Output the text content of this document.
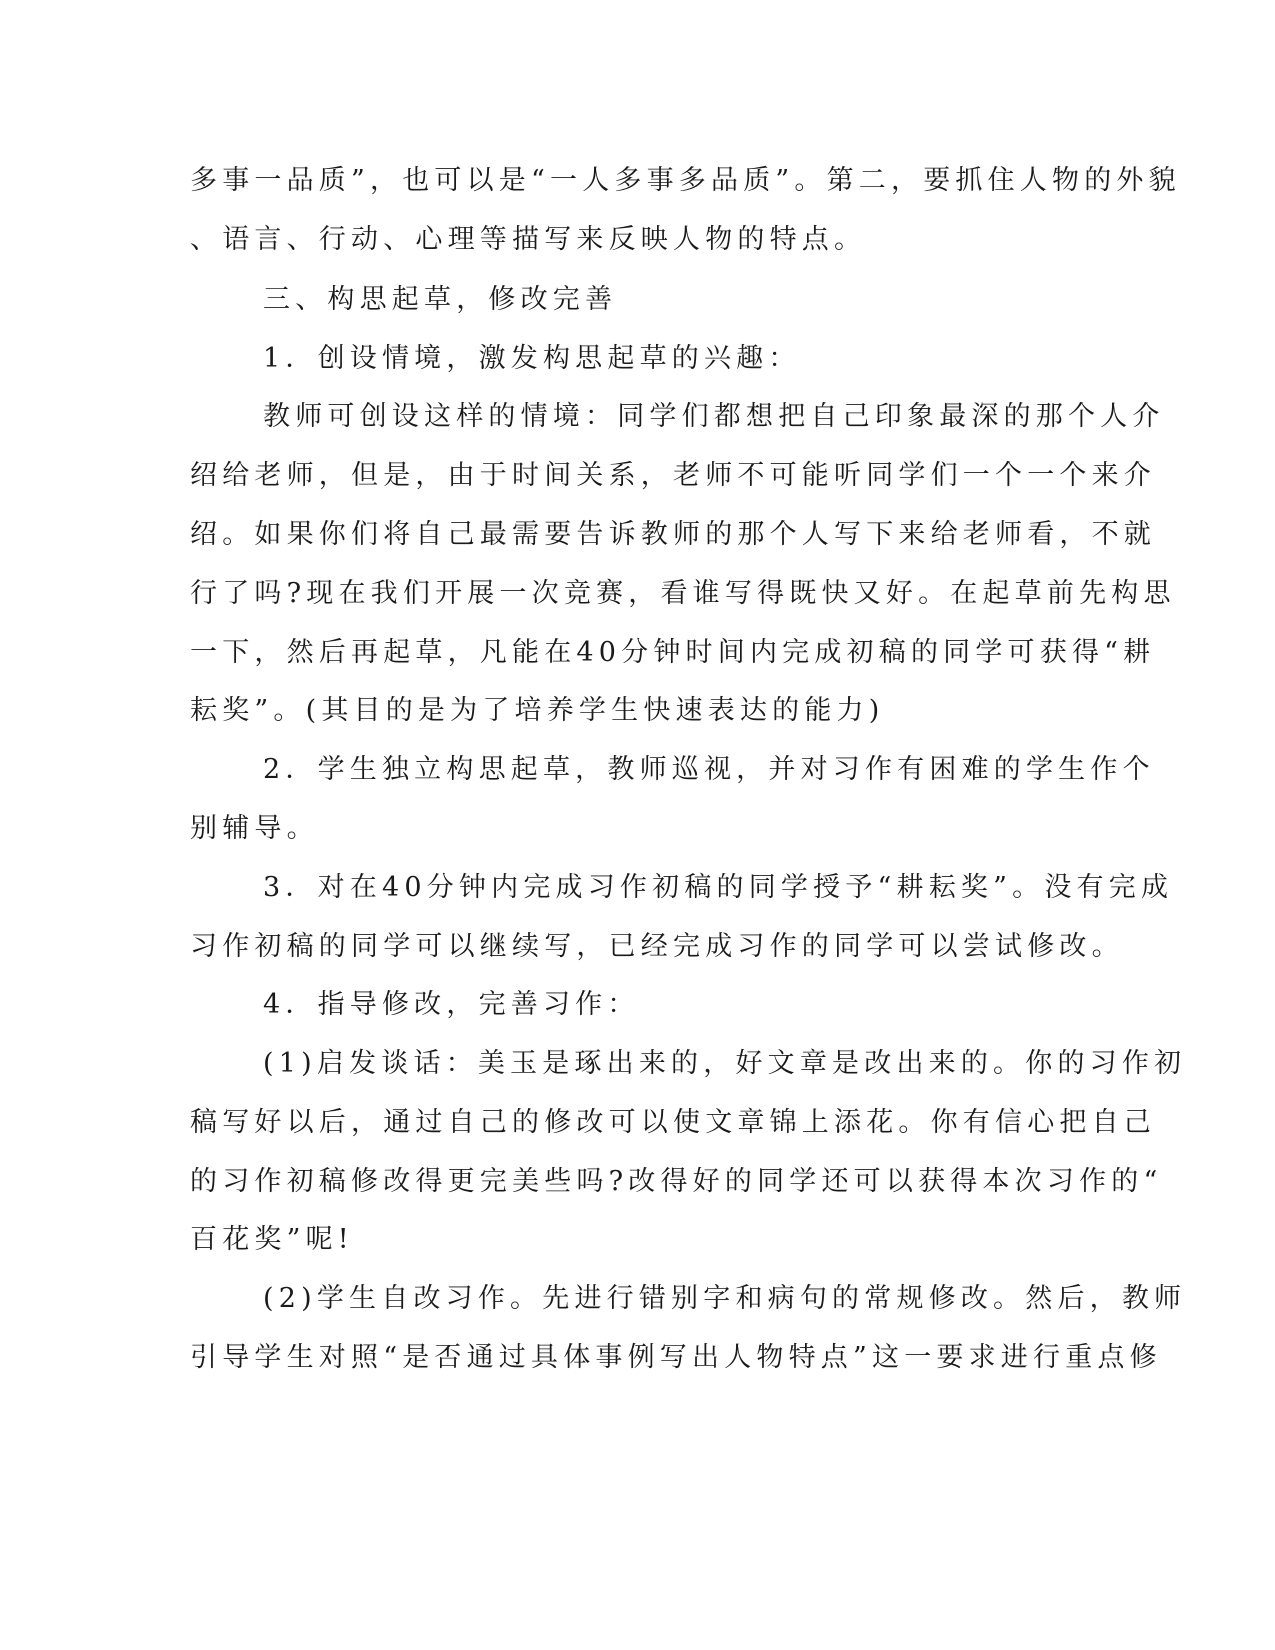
多事一品质”，也可以是“一人多事多品质”。第二，要抓住人物的外貌
、语言、行动、心理等描写来反映人物的特点。
三、构思起草，修改完善
1．创设情境，激发构思起草的兴趣：
教师可创设这样的情境：同学们都想把自己印象最深的那个人介
绍给老师，但是，由于时间关系，老师不可能听同学们一个一个来介
绍。如果你们将自己最需要告诉教师的那个人写下来给老师看，不就
行了吗?现在我们开展一次竞赛，看谁写得既快又好。在起草前先构思
一下，然后再起草，凡能在40分钟时间内完成初稿的同学可获得“耕
耘奖”。(其目的是为了培养学生快速表达的能力)
2．学生独立构思起草，教师巡视，并对习作有困难的学生作个
别辅导。
3．对在40分钟内完成习作初稿的同学授予“耕耘奖”。没有完成
习作初稿的同学可以继续写，已经完成习作的同学可以尝试修改。
4．指导修改，完善习作：
(1)启发谈话：美玉是琢出来的，好文章是改出来的。你的习作初
稿写好以后，通过自己的修改可以使文章锦上添花。你有信心把自己
的习作初稿修改得更完美些吗?改得好的同学还可以获得本次习作的“
百花奖”呢!
(2)学生自改习作。先进行错别字和病句的常规修改。然后，教师
引导学生对照“是否通过具体事例写出人物特点”这一要求进行重点修
